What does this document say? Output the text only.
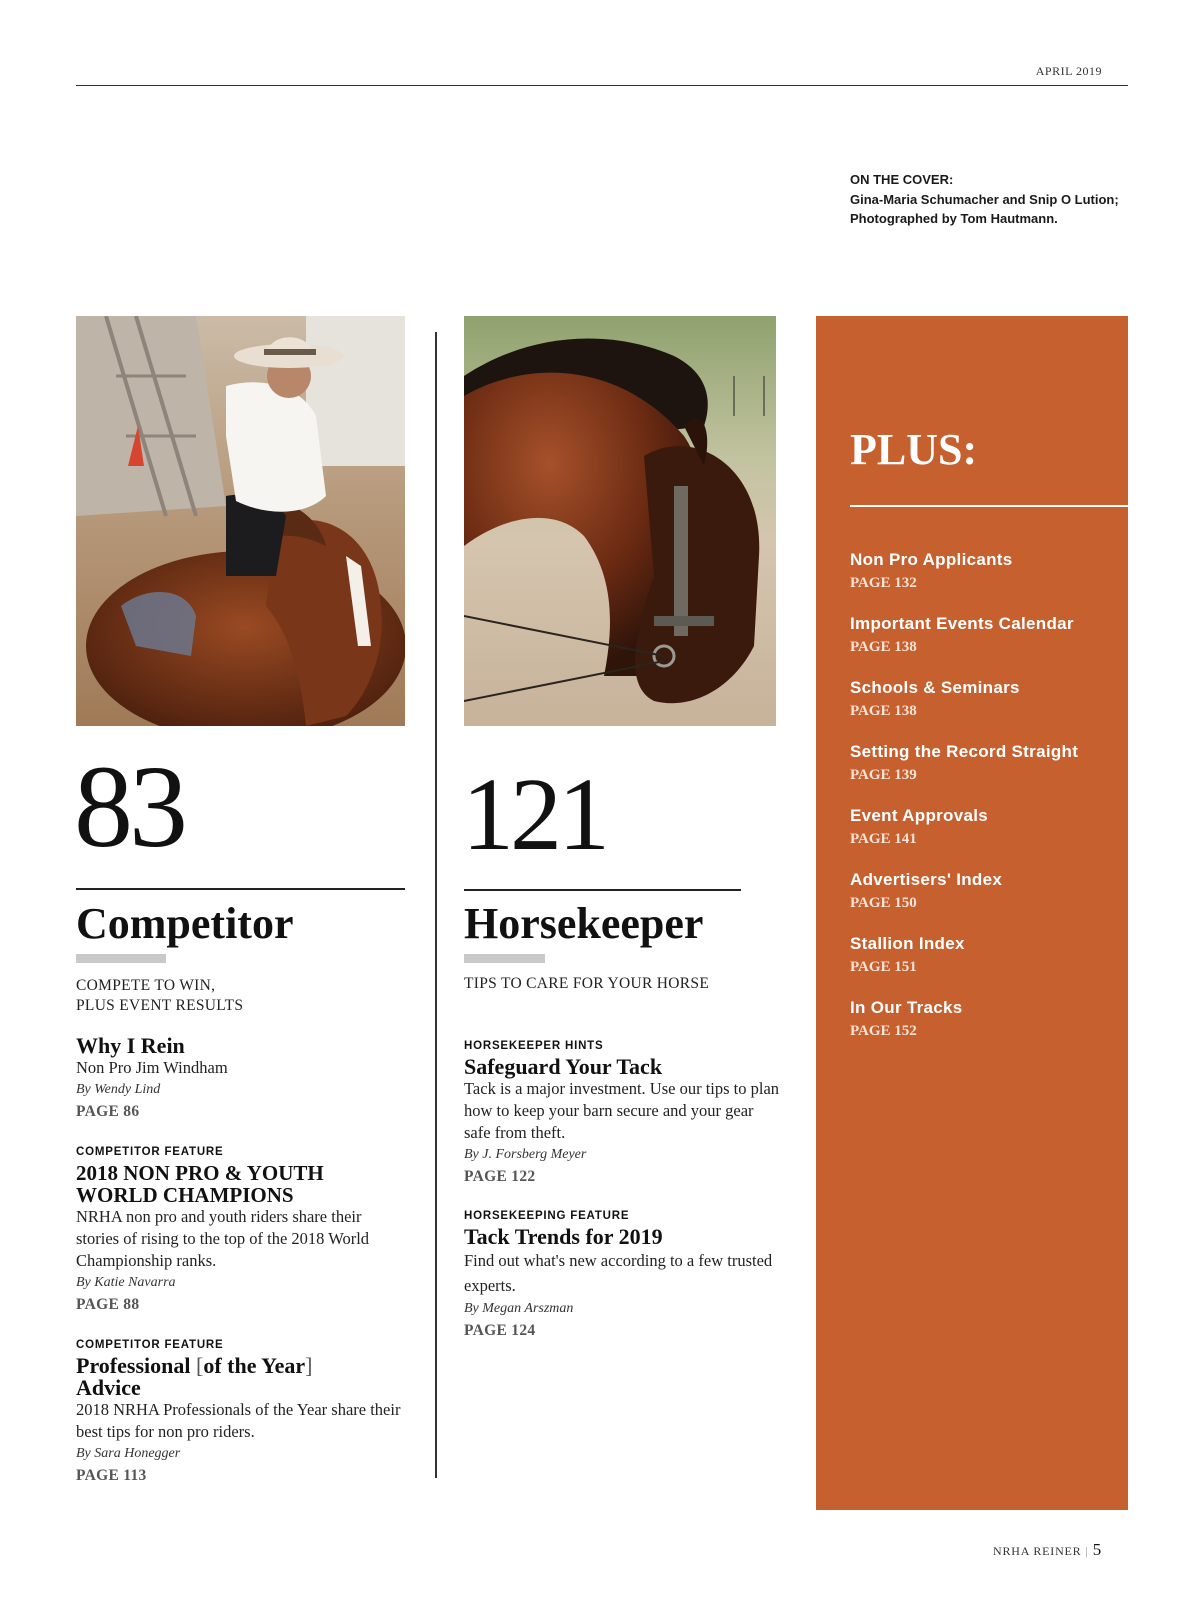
APRIL 2019
ON THE COVER:
Gina-Maria Schumacher and Snip O Lution;
Photographed by Tom Hautmann.
83
Competitor
COMPETE TO WIN,
PLUS EVENT RESULTS
Why I Rein
Non Pro Jim Windham
By Wendy Lind
PAGE 86
COMPETITOR FEATURE
2018 NON PRO & YOUTH
WORLD CHAMPIONS
NRHA non pro and youth riders share their stories of rising to the top of the 2018 World Championship ranks.
By Katie Navarra
PAGE 88
COMPETITOR FEATURE
Professional [of the Year]
Advice
2018 NRHA Professionals of the Year share their best tips for non pro riders.
By Sara Honegger
PAGE 113
121
Horsekeeper
TIPS TO CARE FOR YOUR HORSE
HORSEKEEPER HINTS
Safeguard Your Tack
Tack is a major investment. Use our tips to plan how to keep your barn secure and your gear safe from theft.
By J. Forsberg Meyer
PAGE 122
HORSEKEEPING FEATURE
Tack Trends for 2019
Find out what's new according to a few trusted experts.
By Megan Arszman
PAGE 124
PLUS:
Non Pro Applicants
PAGE 132
Important Events Calendar
PAGE 138
Schools & Seminars
PAGE 138
Setting the Record Straight
PAGE 139
Event Approvals
PAGE 141
Advertisers' Index
PAGE 150
Stallion Index
PAGE 151
In Our Tracks
PAGE 152
NRHA REINER | 5
